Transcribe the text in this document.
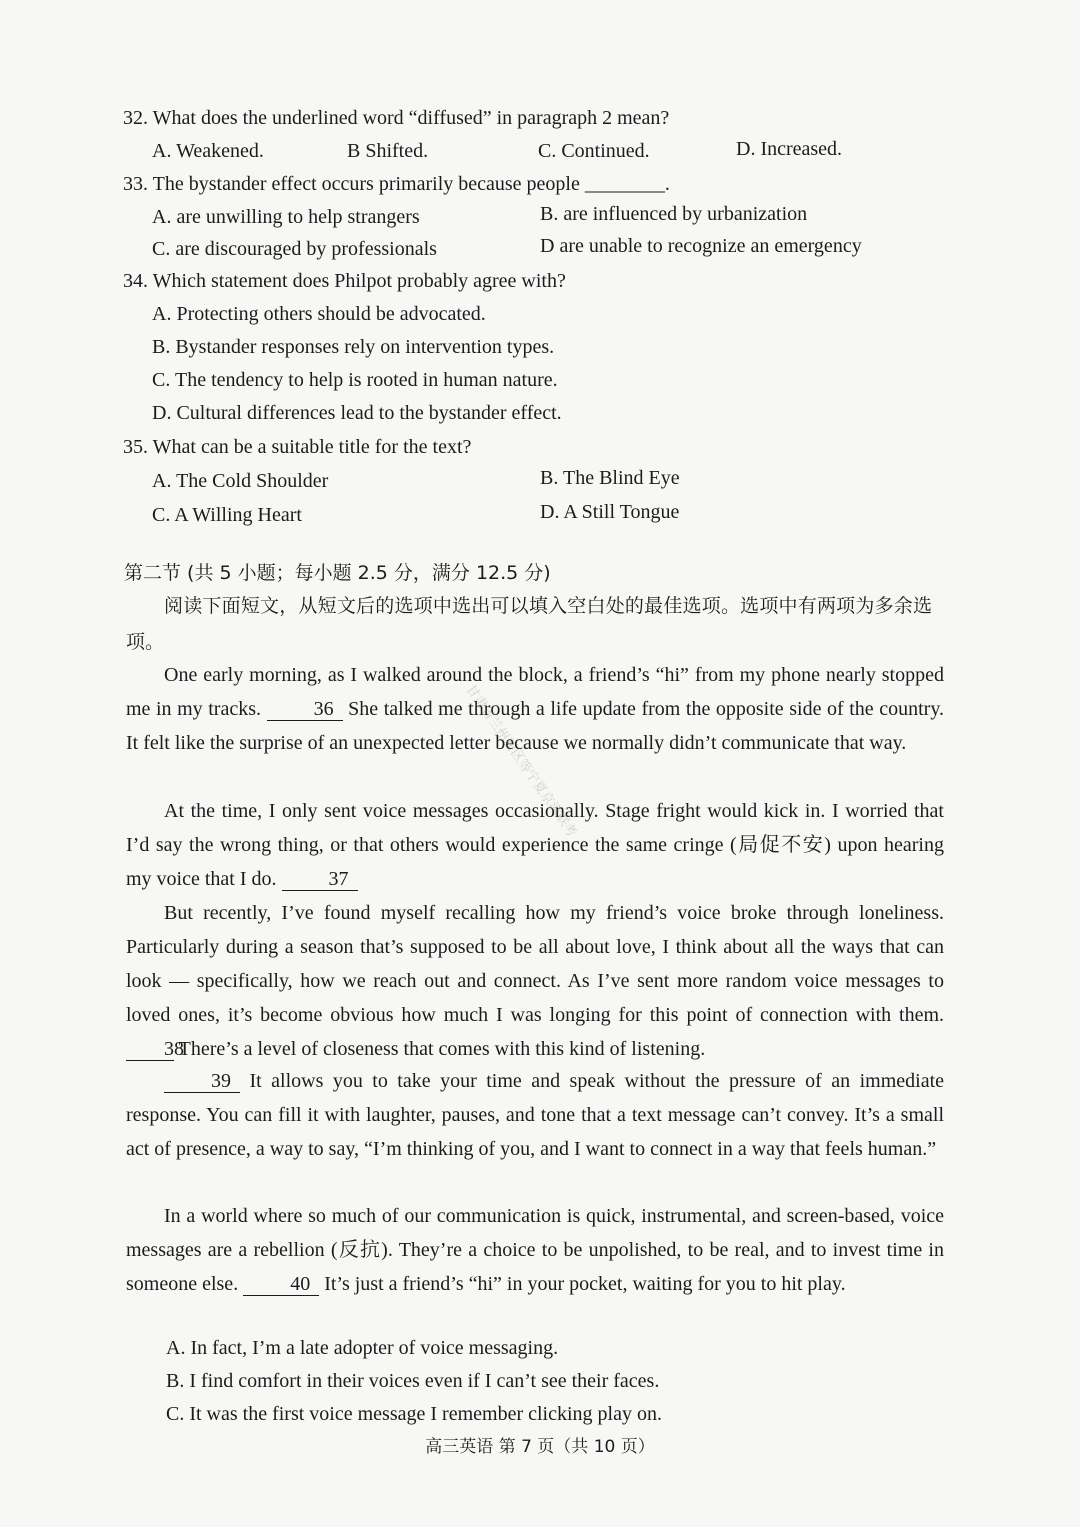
32. What does the underlined word “diffused” in paragraph 2 mean?
A. Weakened.	B Shifted.	C. Continued.	D. Increased.
33. The bystander effect occurs primarily because people ________.
A. are unwilling to help strangers	B. are influenced by urbanization
C. are discouraged by professionals	D are unable to recognize an emergency
34. Which statement does Philpot probably agree with?
A. Protecting others should be advocated.
B. Bystander responses rely on intervention types.
C. The tendency to help is rooted in human nature.
D. Cultural differences lead to the bystander effect.
35. What can be a suitable title for the text?
A. The Cold Shoulder	B. The Blind Eye
C. A Willing Heart	D. A Still Tongue
第二节 (共 5 小题；每小题 2.5 分，满分 12.5 分)
阅读下面短文，从短文后的选项中选出可以填入空白处的最佳选项。选项中有两项为多余选项。
One early morning, as I walked around the block, a friend’s “hi” from my phone nearly stopped me in my tracks.	36 She talked me through a life update from the opposite side of the country. It felt like the surprise of an unexpected letter because we normally didn’t communicate that way.
At the time, I only sent voice messages occasionally. Stage fright would kick in. I worried that I’d say the wrong thing, or that others would experience the same cringe (局促不安) upon hearing my voice that I do.	37
But recently, I’ve found myself recalling how my friend’s voice broke through loneliness. Particularly during a season that’s supposed to be all about love, I think about all the ways that can look — specifically, how we reach out and connect. As I’ve sent more random voice messages to loved ones, it’s become obvious how much I was longing for this point of connection with them. 38 There’s a level of closeness that comes with this kind of listening.
39 It allows you to take your time and speak without the pressure of an immediate response. You can fill it with laughter, pauses, and tone that a text message can’t convey. It’s a small act of presence, a way to say, “I’m thinking of you, and I want to connect in a way that feels human.”
In a world where so much of our communication is quick, instrumental, and screen-based, voice messages are a rebellion (反抗). They’re a choice to be unpolished, to be real, and to invest time in someone else.	40 It’s just a friend’s “hi” in your pocket, waiting for you to hit play.
A. In fact, I’m a late adopter of voice messaging.
B. I find comfort in their voices even if I can’t see their faces.
C. It was the first voice message I remember clicking play on.
高三英语 第 7 页（共 10 页）
甘肃省兰州新区等宁夏京满联考
